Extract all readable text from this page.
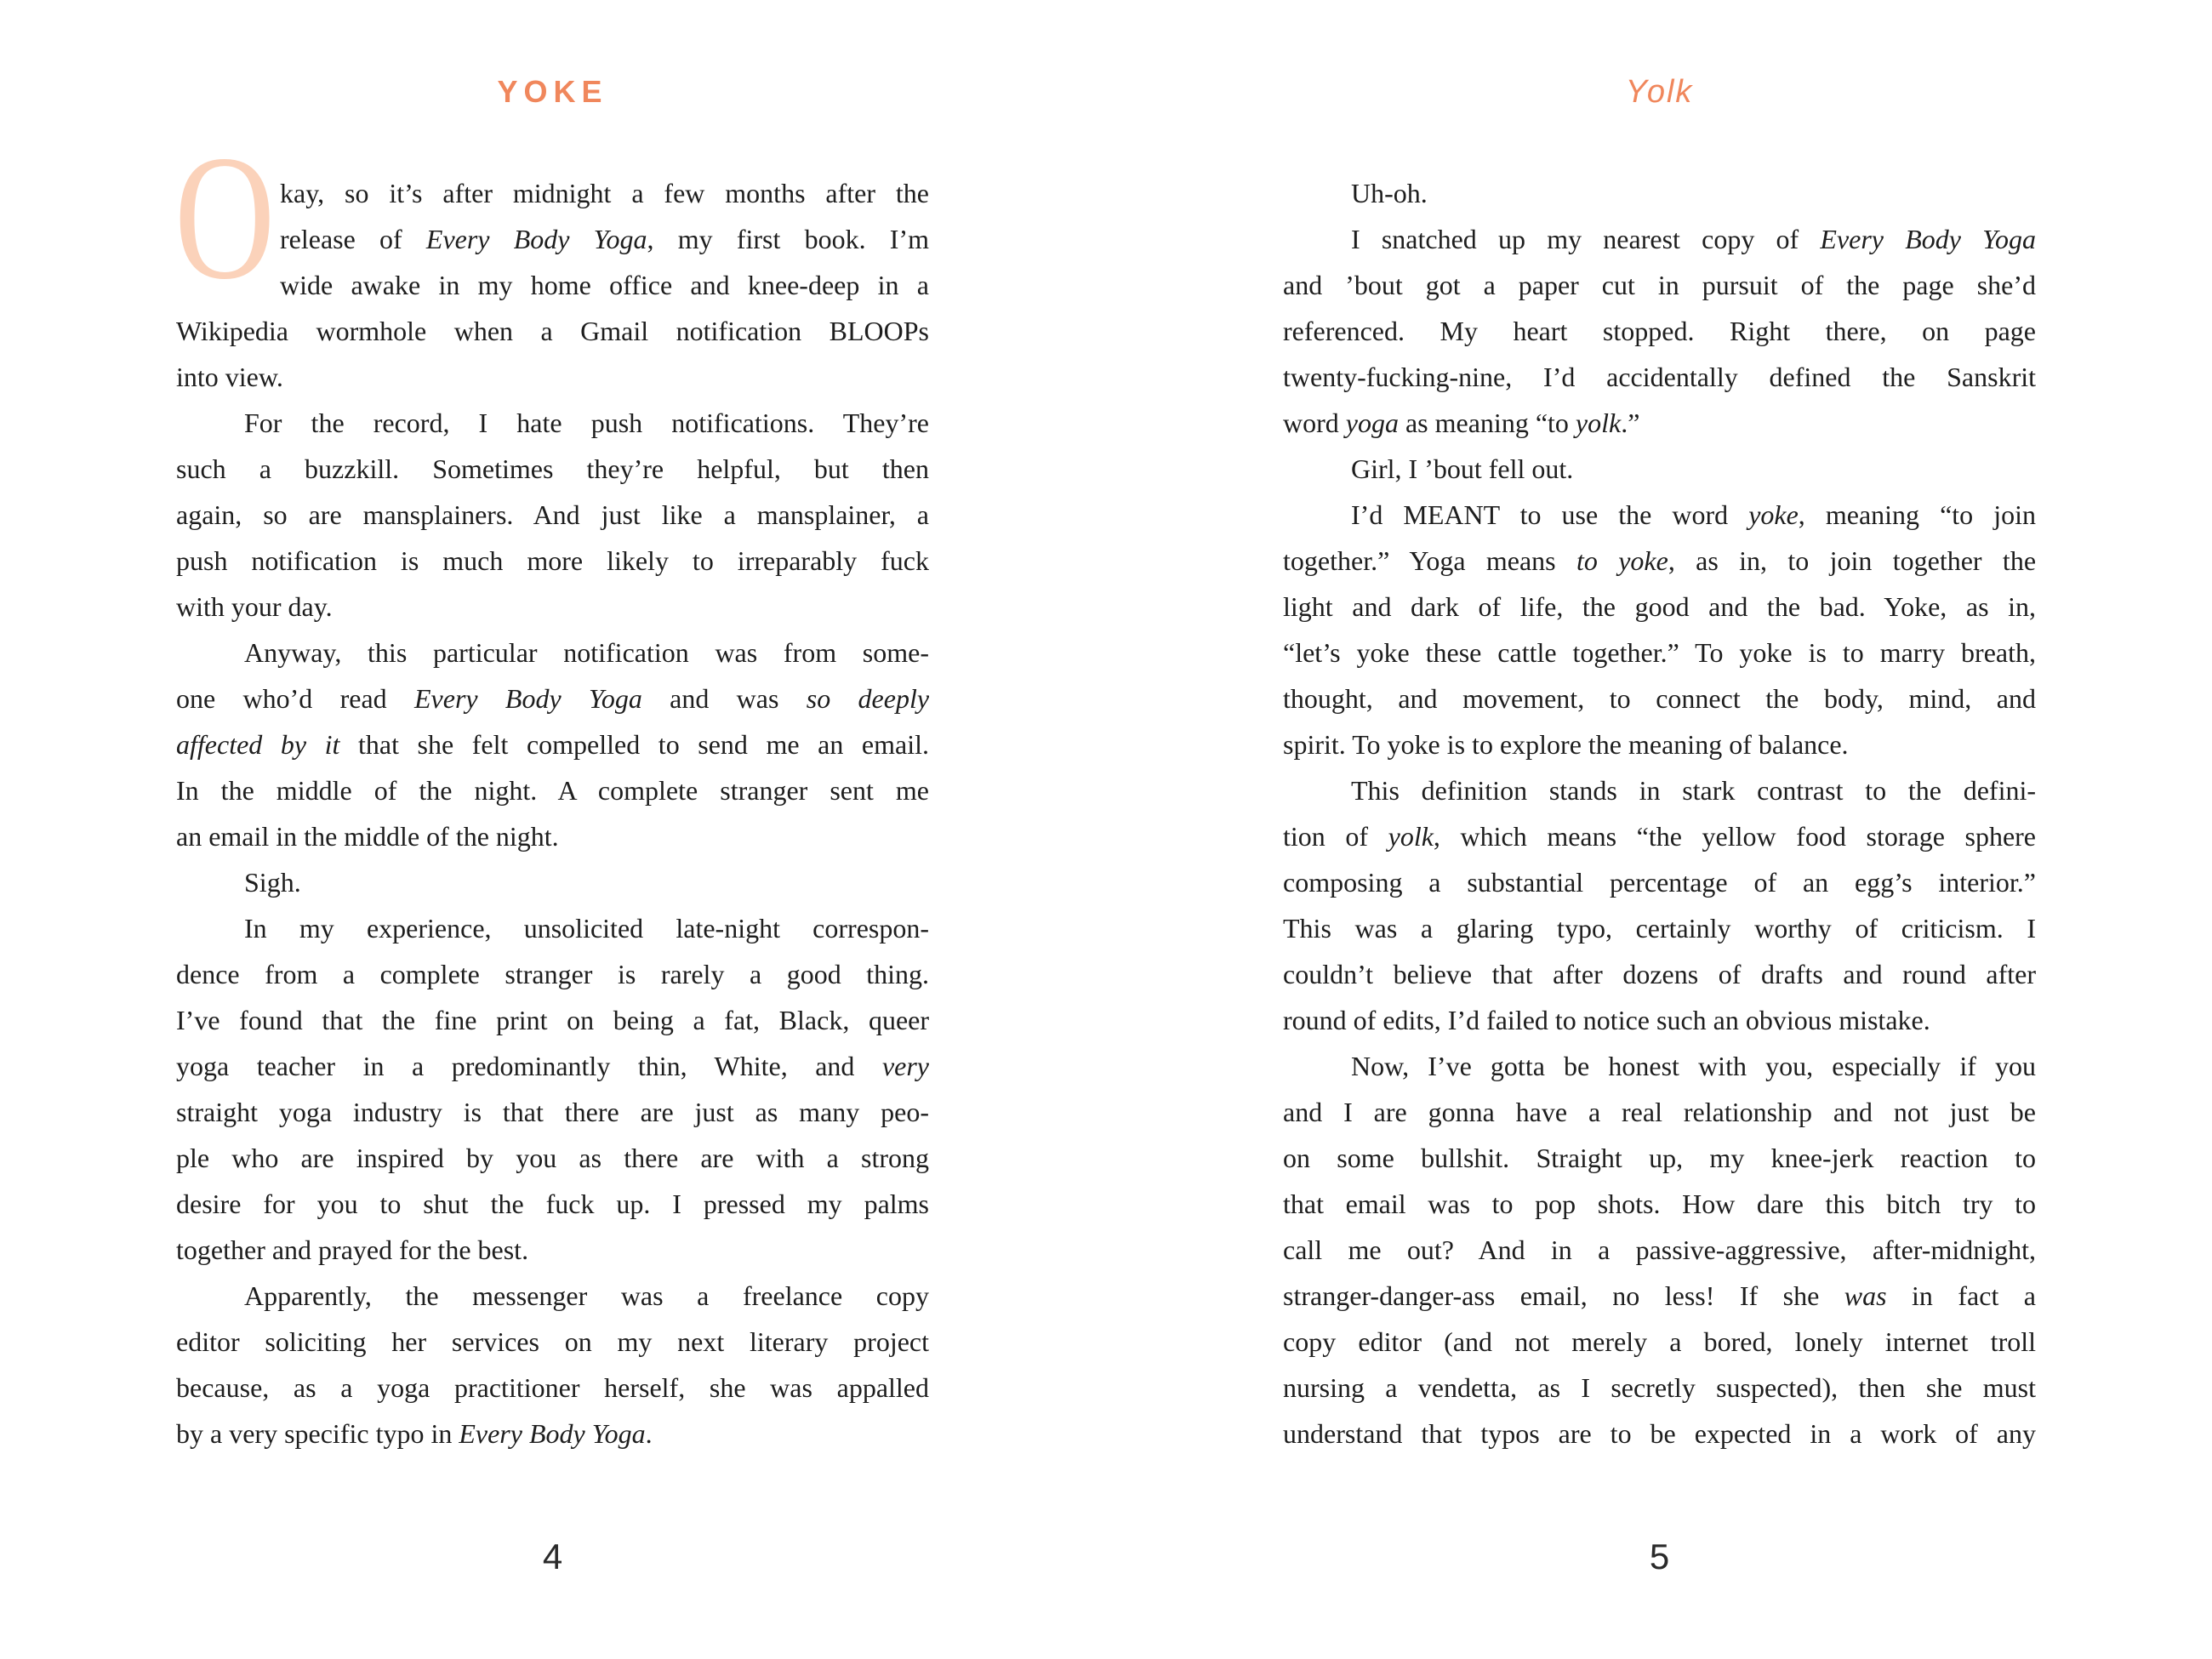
YOKE
O kay, so it’s after midnight a few months after the
release of Every Body Yoga, my first book. I’m
wide awake in my home office and knee-deep in a
Wikipedia wormhole when a Gmail notification BLOOPs
into view.
For the record, I hate push notifications. They’re
such a buzzkill. Sometimes they’re helpful, but then
again, so are mansplainers. And just like a mansplainer, a
push notification is much more likely to irreparably fuck
with your day.
Anyway, this particular notification was from some-
one who’d read Every Body Yoga and was so deeply
affected by it that she felt compelled to send me an email.
In the middle of the night. A complete stranger sent me
an email in the middle of the night.
Sigh.
In my experience, unsolicited late-night correspon-
dence from a complete stranger is rarely a good thing.
I’ve found that the fine print on being a fat, Black, queer
yoga teacher in a predominantly thin, White, and very
straight yoga industry is that there are just as many peo-
ple who are inspired by you as there are with a strong
desire for you to shut the fuck up. I pressed my palms
together and prayed for the best.
Apparently, the messenger was a freelance copy
editor soliciting her services on my next literary project
because, as a yoga practitioner herself, she was appalled
by a very specific typo in Every Body Yoga.
4
Yolk
Uh-oh.
I snatched up my nearest copy of Every Body Yoga
and ’bout got a paper cut in pursuit of the page she’d
referenced. My heart stopped. Right there, on page
twenty-fucking-nine, I’d accidentally defined the Sanskrit
word yoga as meaning “to yolk.”
Girl, I ’bout fell out.
I’d MEANT to use the word yoke, meaning “to join
together.” Yoga means to yoke, as in, to join together the
light and dark of life, the good and the bad. Yoke, as in,
“let’s yoke these cattle together.” To yoke is to marry breath,
thought, and movement, to connect the body, mind, and
spirit. To yoke is to explore the meaning of balance.
This definition stands in stark contrast to the defini-
tion of yolk, which means “the yellow food storage sphere
composing a substantial percentage of an egg’s interior.”
This was a glaring typo, certainly worthy of criticism. I
couldn’t believe that after dozens of drafts and round after
round of edits, I’d failed to notice such an obvious mistake.
Now, I’ve gotta be honest with you, especially if you
and I are gonna have a real relationship and not just be
on some bullshit. Straight up, my knee-jerk reaction to
that email was to pop shots. How dare this bitch try to
call me out? And in a passive-aggressive, after-midnight,
stranger-danger-ass email, no less! If she was in fact a
copy editor (and not merely a bored, lonely internet troll
nursing a vendetta, as I secretly suspected), then she must
understand that typos are to be expected in a work of any
5
